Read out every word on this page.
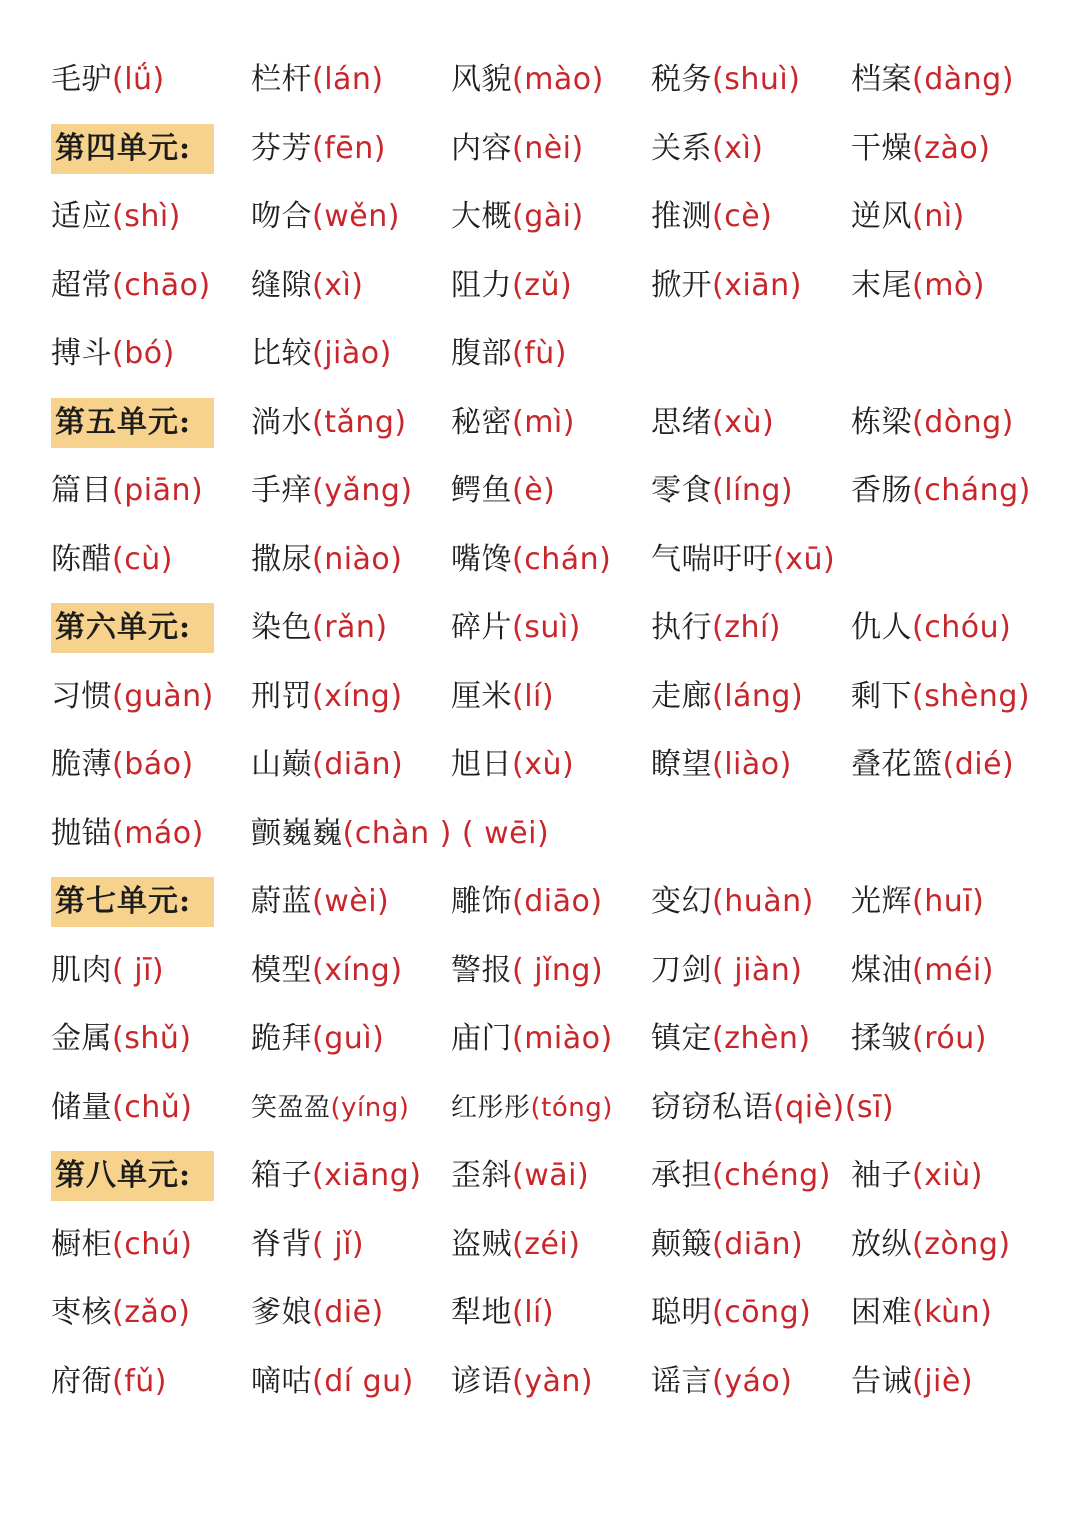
毛驴(lǘ)	栏杆(lán) 风貌(mào) 税务(shuì) 档案(dàng)
第四单元:	芬芳(fēn) 内容(nèi) 关系(xì)	干燥(zào)
适应(shì) 吻合(wěn) 大概(gài) 推测(cè)	逆风(nì)
超常(chāo) 缝隙(xì)	阻力(zǔ)	掀开(xiān) 末尾(mò)
搏斗(bó)	比较(jiào) 腹部(fù)
第五单元:	淌水(tǎng) 秘密(mì)	思绪(xù)	栋梁(dòng)
篇目(piān) 手痒(yǎng) 鳄鱼(è)	零食(líng) 香肠(cháng)
陈醋(cù)	撒尿(niào) 嘴馋(chán) 气喘吁吁(xū)
第六单元:	染色(rǎn) 碎片(suì) 执行(zhí) 仇人(chóu)
习惯(guàn) 刑罚(xíng) 厘米(lí)	走廊(láng) 剩下(shèng)
脆薄(báo) 山巅(diān) 旭日(xù)	瞭望(liào) 叠花篮(dié)
抛锚(máo) 颤巍巍(chàn ) ( wēi)
第七单元:	蔚蓝(wèi) 雕饰(diāo) 变幻(huàn) 光辉(huī)
肌肉( jī)	模型(xíng) 警报( jǐng) 刀剑( jiàn) 煤油(méi)
金属(shǔ) 跪拜(guì) 庙门(miào) 镇定(zhèn) 揉皱(róu)
储量(chǔ) 笑盈盈(yíng) 红彤彤(tóng) 窃窃私语(qiè)(sī)
第八单元:	箱子(xiāng) 歪斜(wāi) 承担(chéng) 袖子(xiù)
橱柜(chú) 脊背( jǐ)	盗贼(zéi) 颠簸(diān) 放纵(zòng)
枣核(zǎo) 爹娘(diē) 犁地(lí)	聪明(cōng) 困难(kùn)
府衙(fǔ)	嘀咕(dí gu) 谚语(yàn) 谣言(yáo) 告诫(jiè)
